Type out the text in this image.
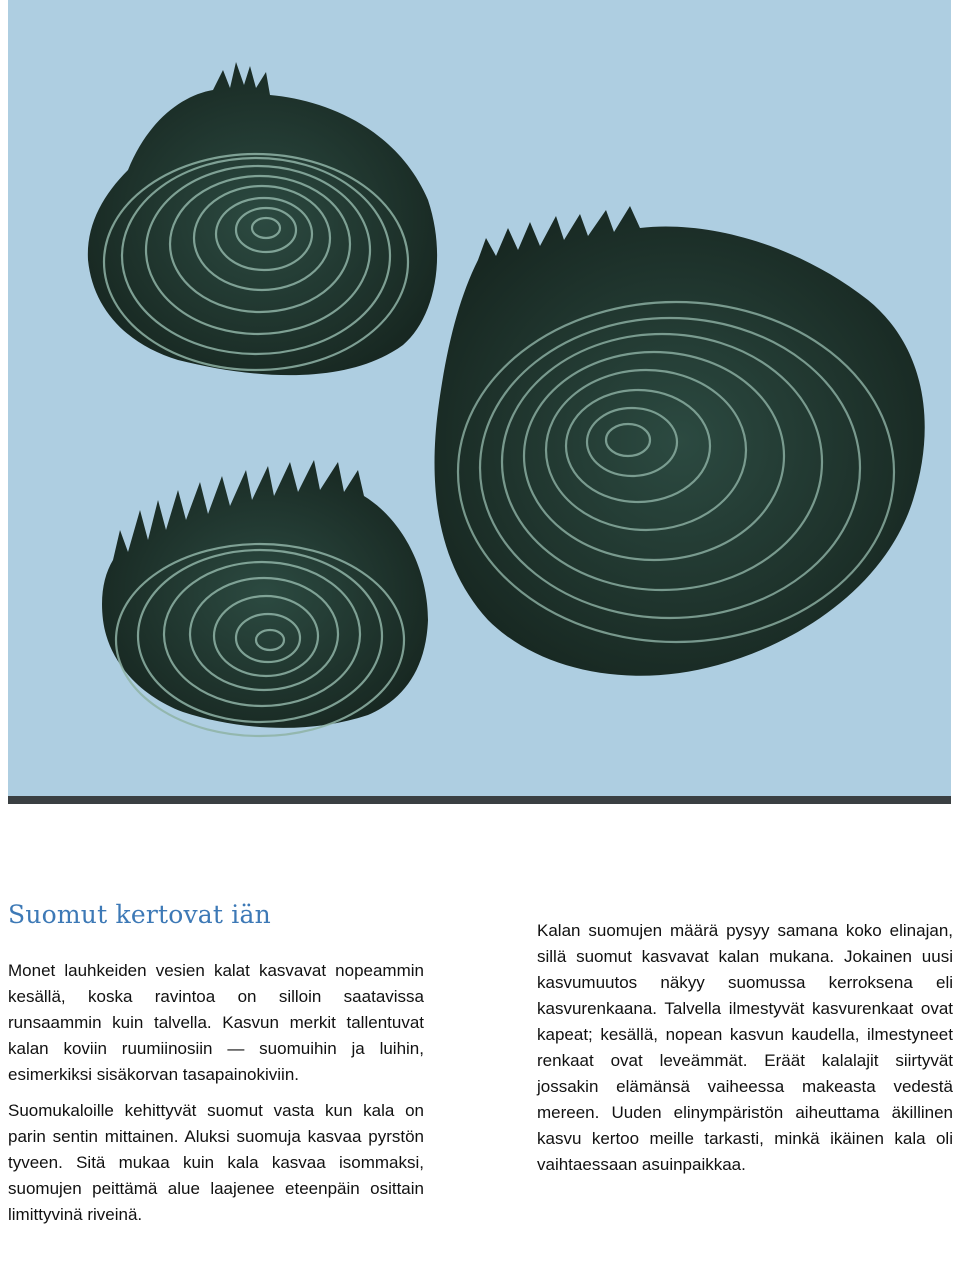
Suomut kertovat iän

Monet lauhkeiden vesien kalat kasvavat nopeammin kesällä, koska ravintoa on silloin saatavissa runsaammin kuin talvella. Kasvun merkit tallentuvat kalan koviin ruumiinosiin — suomuihin ja luihin, esimerkiksi sisäkorvan tasapainokiviin.

Suomukaloille kehittyvät suomut vasta kun kala on parin sentin mittainen. Aluksi suomuja kasvaa pyrstön tyveen. Sitä mukaa kuin kala kasvaa isommaksi, suomujen peittämä alue laajenee eteenpäin osittain limittyvinä riveinä.

Kalan suomujen määrä pysyy samana koko elinajan, sillä suomut kasvavat kalan mukana. Jokainen uusi kasvumuutos näkyy suomussa kerroksena eli kasvurenkaana. Talvella ilmestyvät kasvurenkaat ovat kapeat; kesällä, nopean kasvun kaudella, ilmestyneet renkaat ovat leveämmät. Eräät kalalajit siirtyvät jossakin elämänsä vaiheessa makeasta vedestä mereen. Uuden elinympäristön aiheuttama äkillinen kasvu kertoo meille tarkasti, minkä ikäinen kala oli vaihtaessaan asuinpaikkaa.
